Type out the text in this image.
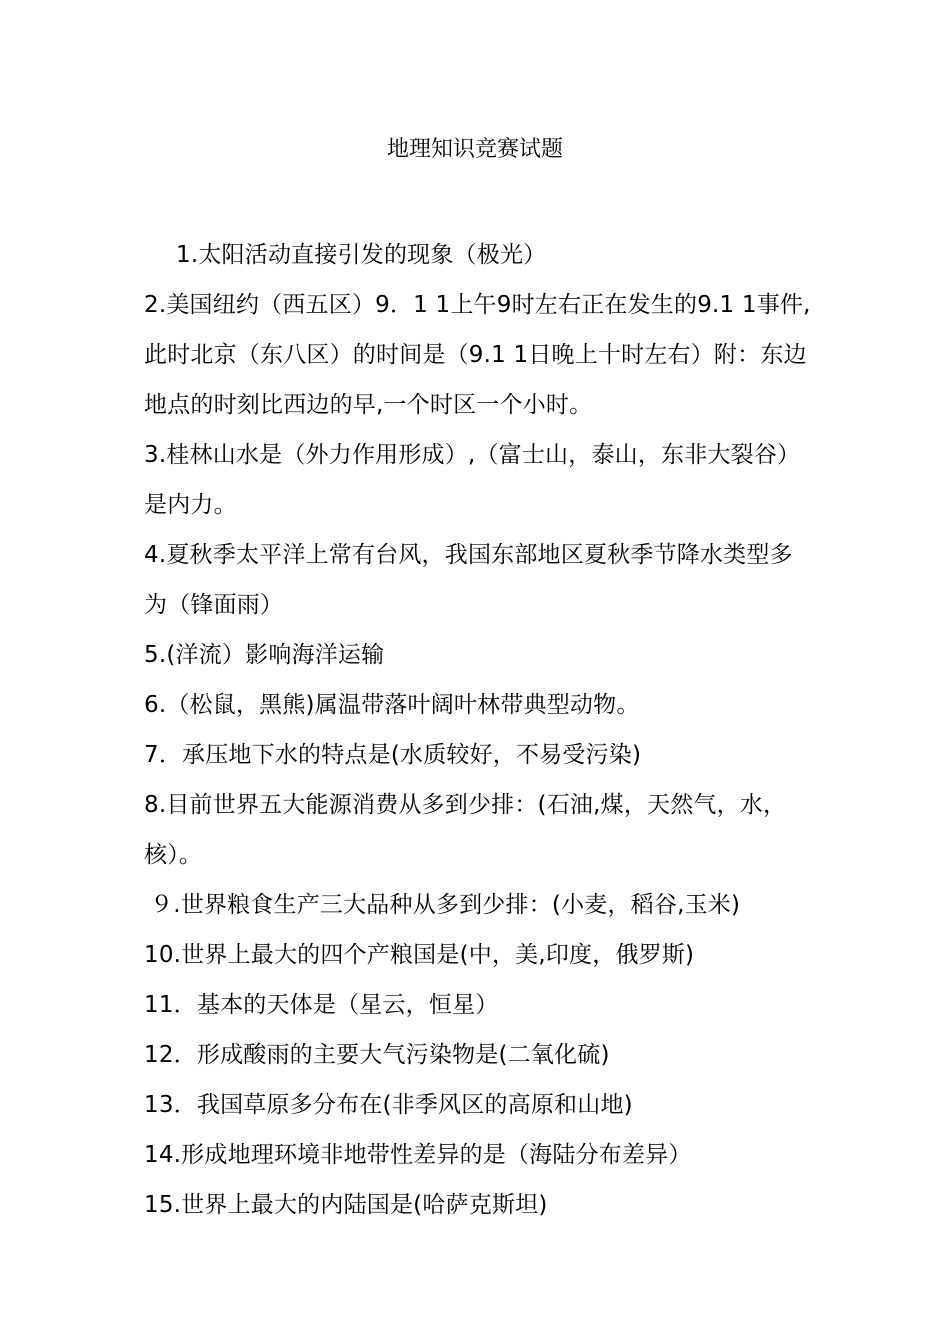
地理知识竞赛试题

1.太阳活动直接引发的现象（极光）

2.美国纽约（西五区）9．1 1上午9时左右正在发生的9.1 1事件,此时北京（东八区）的时间是（9.1 1日晚上十时左右）附：东边地点的时刻比西边的早,一个时区一个小时。

3.桂林山水是（外力作用形成）,（富士山，泰山，东非大裂谷）是内力。

4.夏秋季太平洋上常有台风，我国东部地区夏秋季节降水类型多为（锋面雨）

5.(洋流）影响海洋运输

6.（松鼠，黑熊)属温带落叶阔叶林带典型动物。

7．承压地下水的特点是(水质较好，不易受污染)

8.目前世界五大能源消费从多到少排：(石油,煤，天然气，水，核）。

９.世界粮食生产三大品种从多到少排：(小麦，稻谷,玉米)

10.世界上最大的四个产粮国是(中，美,印度，俄罗斯)

11．基本的天体是（星云，恒星）

12．形成酸雨的主要大气污染物是(二氧化硫)

13．我国草原多分布在(非季风区的高原和山地)

14.形成地理环境非地带性差异的是（海陆分布差异）

15.世界上最大的内陆国是(哈萨克斯坦)
